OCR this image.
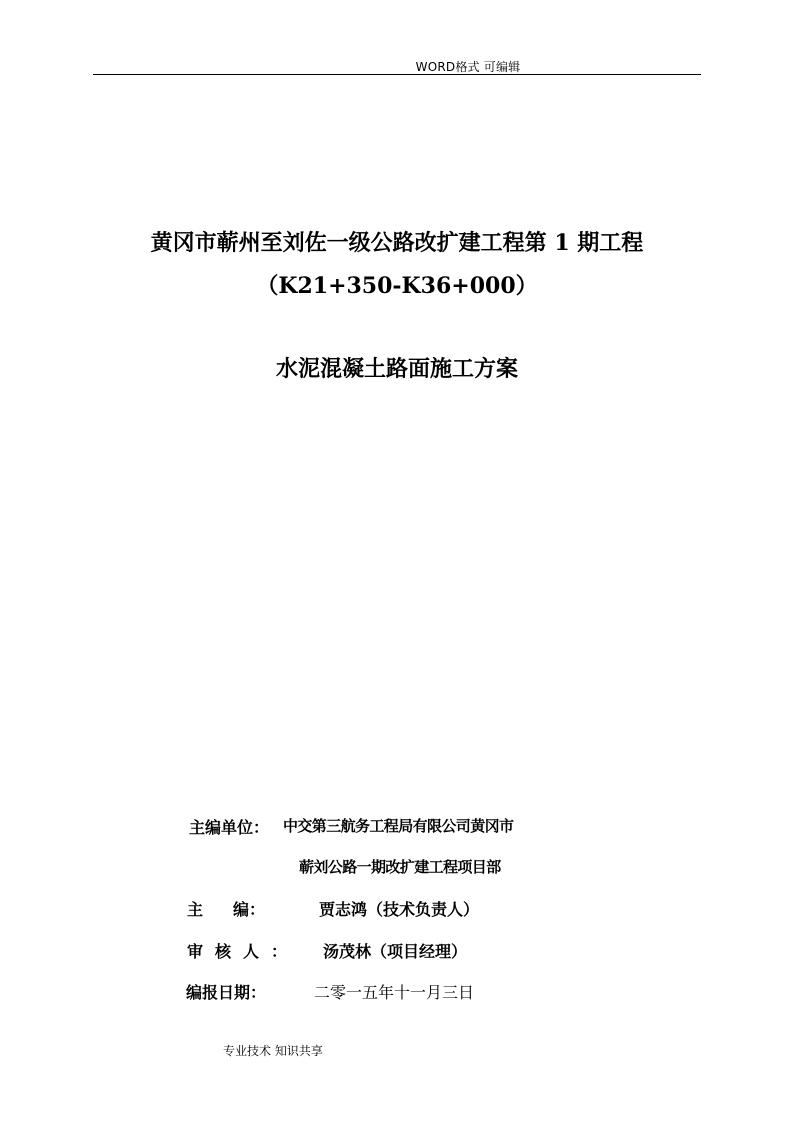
WORD格式 可编辑
黄冈市蕲州至刘佐一级公路改扩建工程第 1 期工程
（K21+350-K36+000）
水泥混凝土路面施工方案
主编单位： 中交第三航务工程局有限公司黄冈市
蕲刘公路一期改扩建工程项目部
主编：	贾志鸿（技术负责人）
审核人： 汤茂林（项目经理）
编报日期：	二零一五年十一月三日
专业技术 知识共享
